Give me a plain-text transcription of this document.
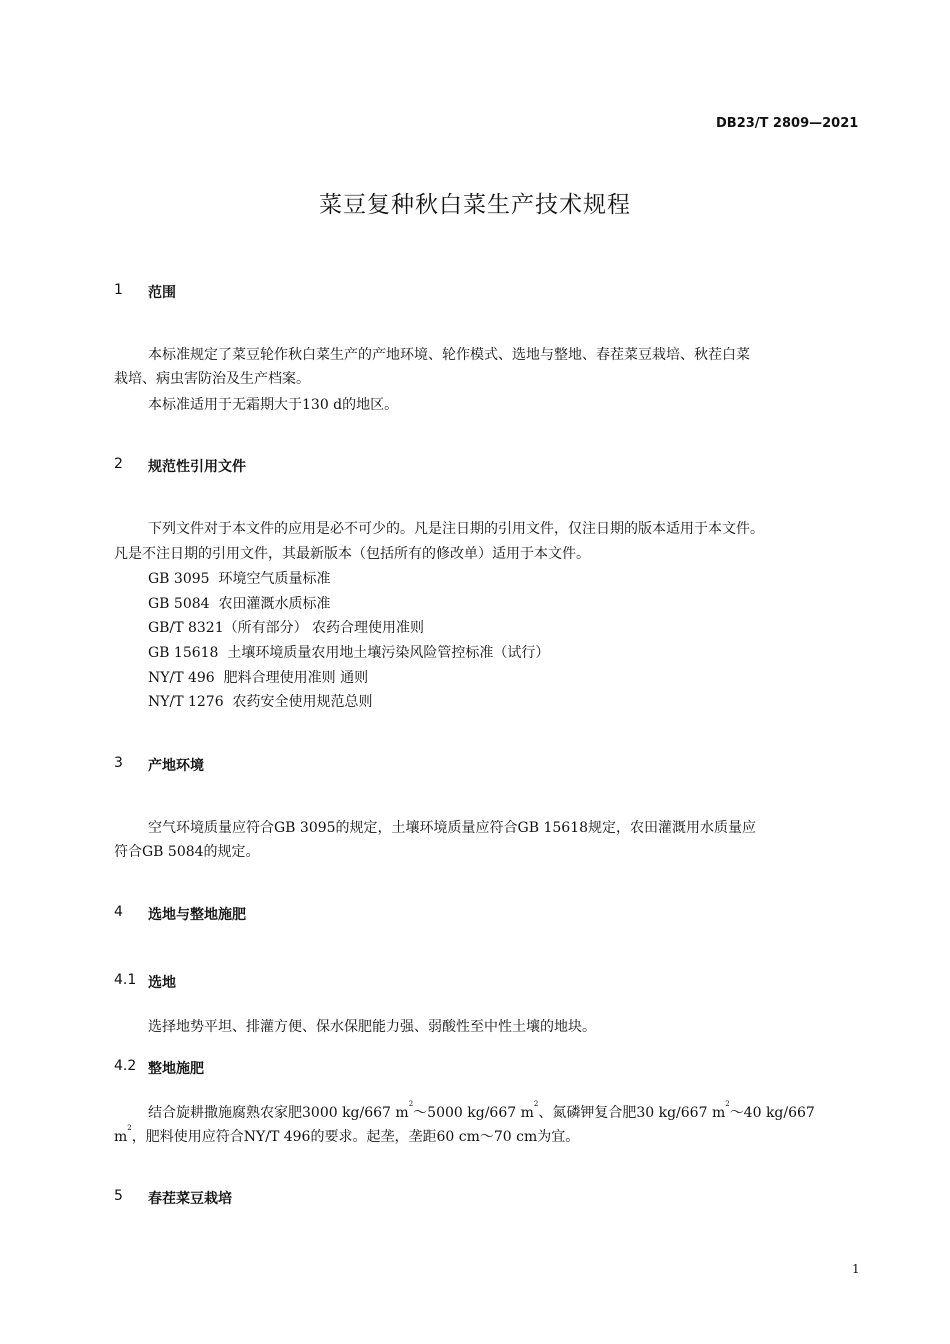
DB23/T 2809—2021
菜豆复种秋白菜生产技术规程
1 范围
本标准规定了菜豆轮作秋白菜生产的产地环境、轮作模式、选地与整地、春茬菜豆栽培、秋茬白菜
栽培、病虫害防治及生产档案。
本标准适用于无霜期大于130 d的地区。
2 规范性引用文件
下列文件对于本文件的应用是必不可少的。凡是注日期的引用文件，仅注日期的版本适用于本文件。
凡是不注日期的引用文件，其最新版本（包括所有的修改单）适用于本文件。
GB 3095  环境空气质量标准
GB 5084  农田灌溉水质标准
GB/T 8321（所有部分） 农药合理使用准则
GB 15618  土壤环境质量农用地土壤污染风险管控标准（试行）
NY/T 496  肥料合理使用准则 通则
NY/T 1276  农药安全使用规范总则
3 产地环境
空气环境质量应符合GB 3095的规定，土壤环境质量应符合GB 15618规定，农田灌溉用水质量应
符合GB 5084的规定。
4 选地与整地施肥
4.1 选地
选择地势平坦、排灌方便、保水保肥能力强、弱酸性至中性土壤的地块。
4.2 整地施肥
结合旋耕撒施腐熟农家肥3000 kg/667 $m^2\sim 5000$ kg/667 $m^2$、氮磷钾复合肥30 kg/667 $m^2\sim 40$ kg/667
$m^2$，肥料使用应符合NY/T 496的要求。起垄，垄距60 cm～70 cm为宜。
5 春茬菜豆栽培
1
